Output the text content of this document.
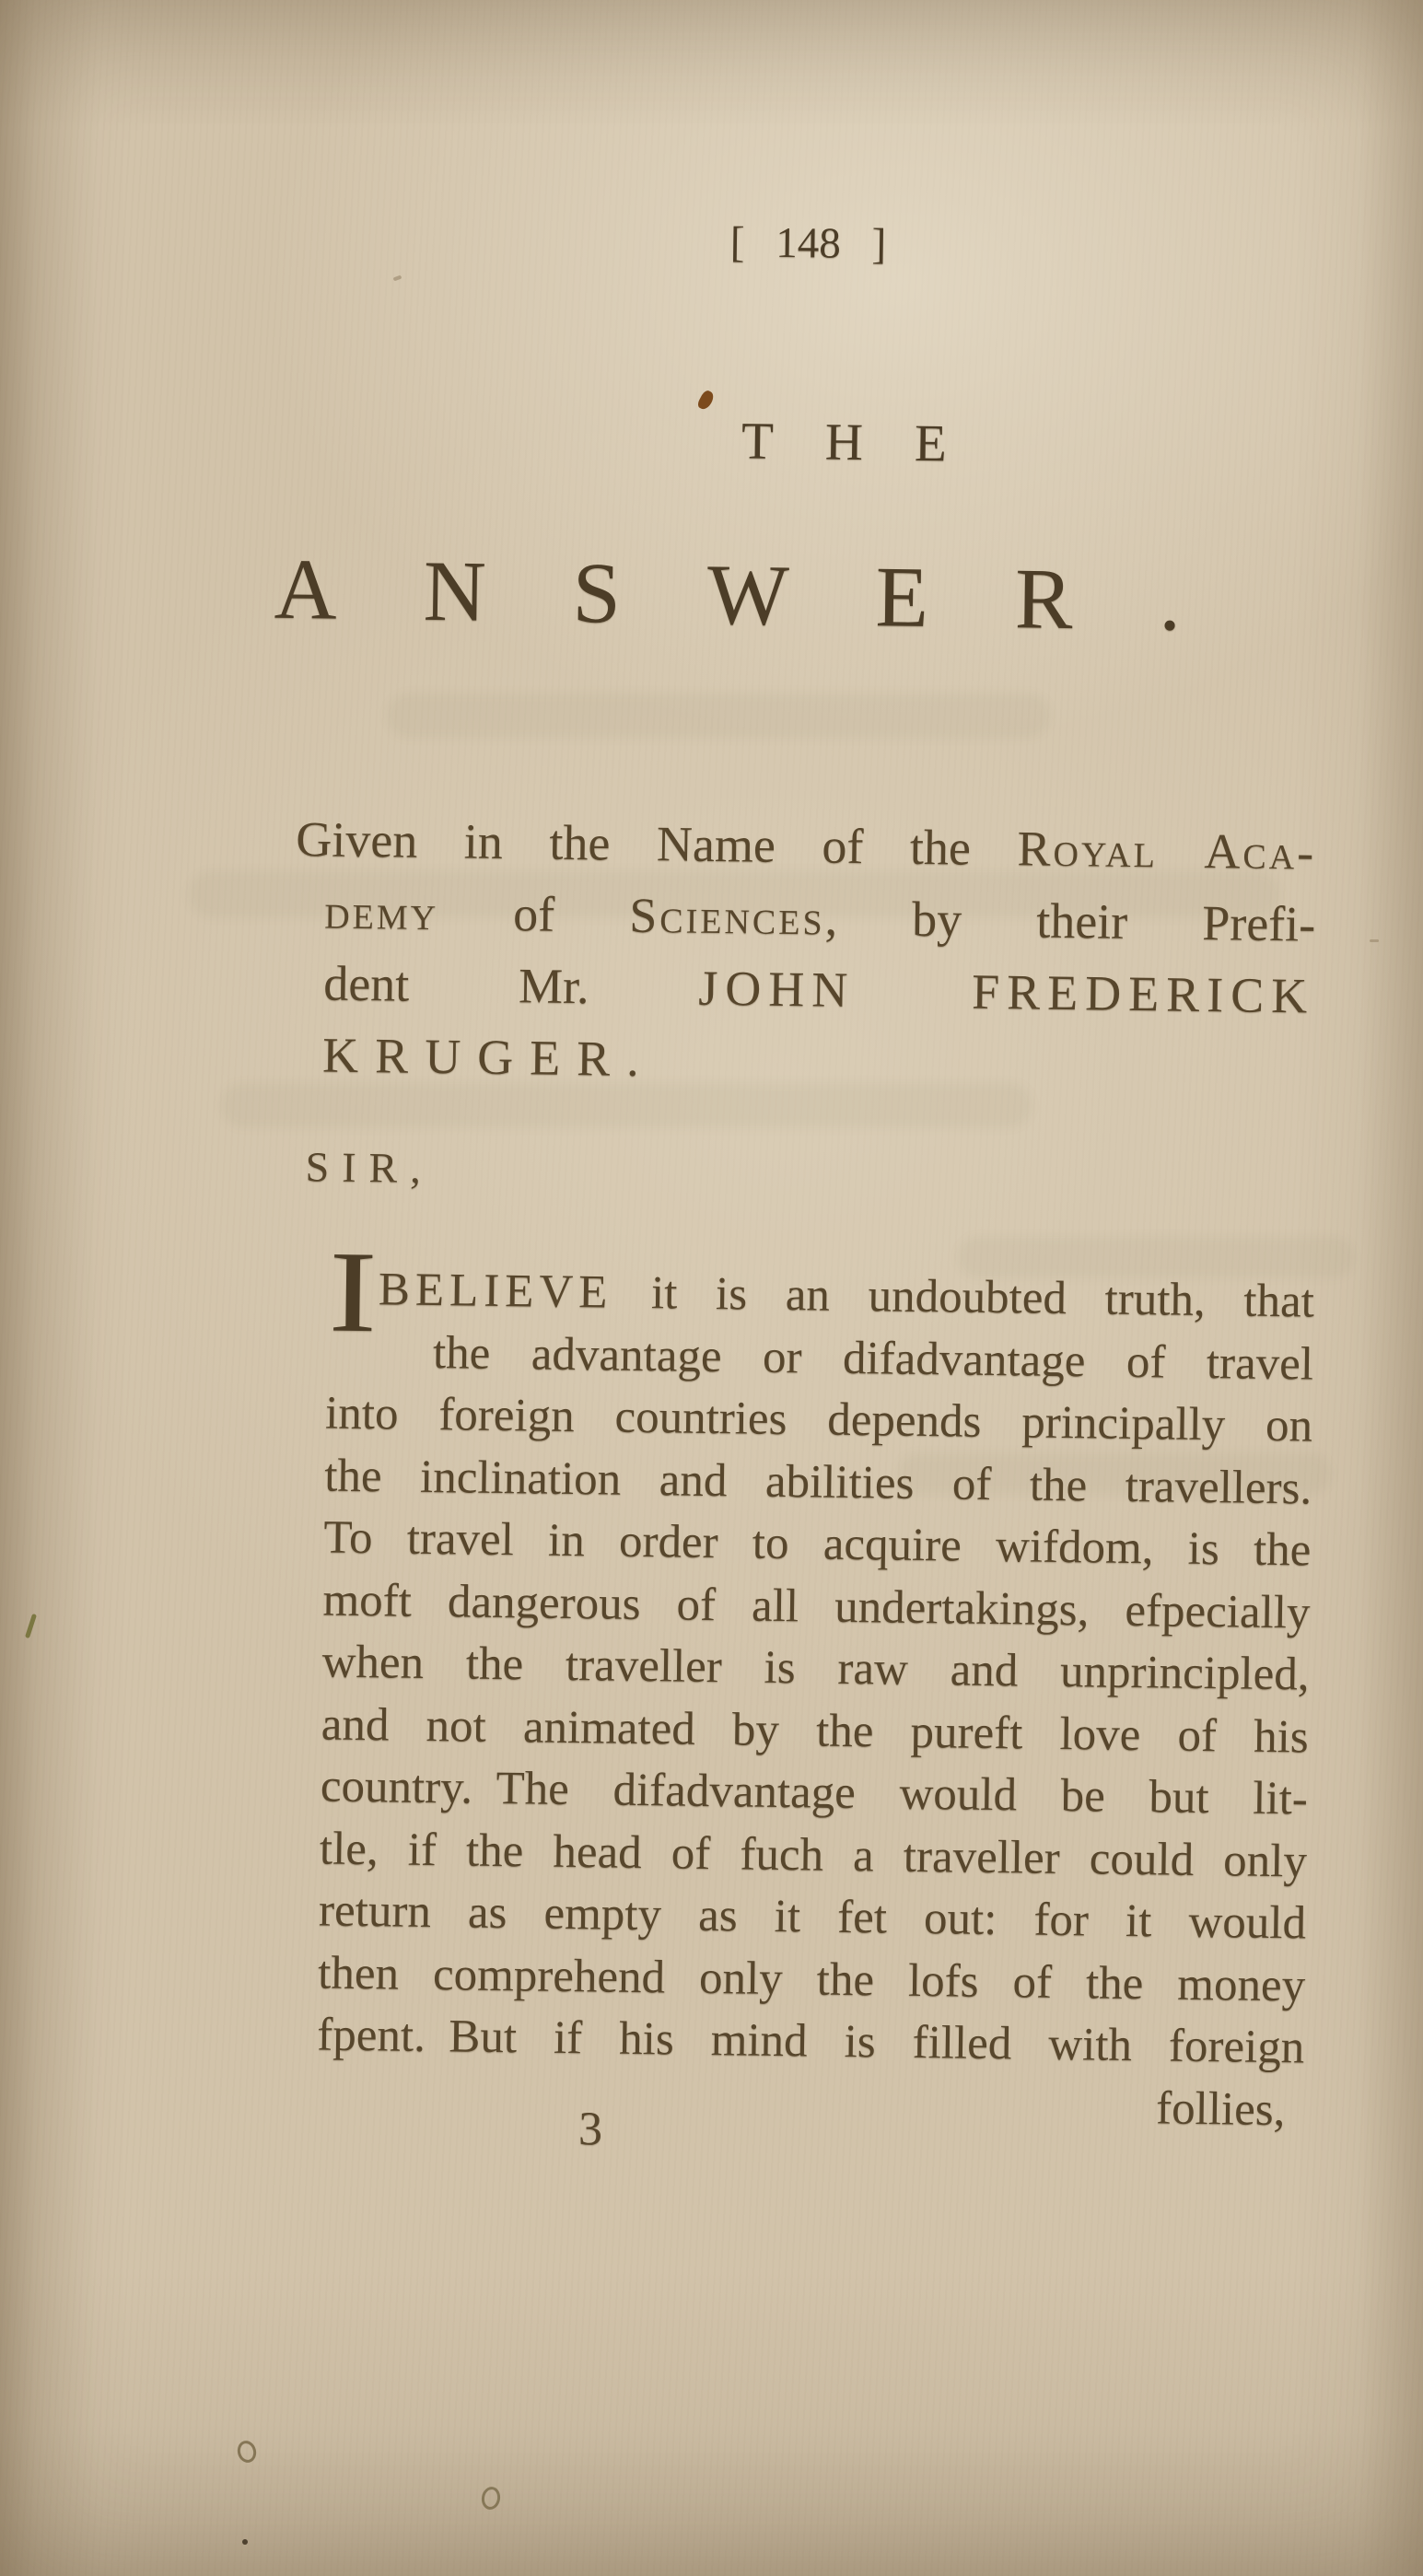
[ 148 ]
THE
ANSWER.
Given in the Name of the Royal Aca-
demy of Sciences, by their Prefi-
dent Mr. JOHN FREDERICK
KRUGER.
SIR,
I BELIEVE it is an undoubted truth, that
the advantage or difadvantage of travel
into foreign countries depends principally on
the inclination and abilities of the travellers.
To travel in order to acquire wifdom, is the
moft dangerous of all undertakings, efpecially
when the traveller is raw and unprincipled,
and not animated by the pureft love of his
country. The difadvantage would be but lit-
tle, if the head of fuch a traveller could only
return as empty as it fet out: for it would
then comprehend only the lofs of the money
fpent. But if his mind is filled with foreign
follies,
3
